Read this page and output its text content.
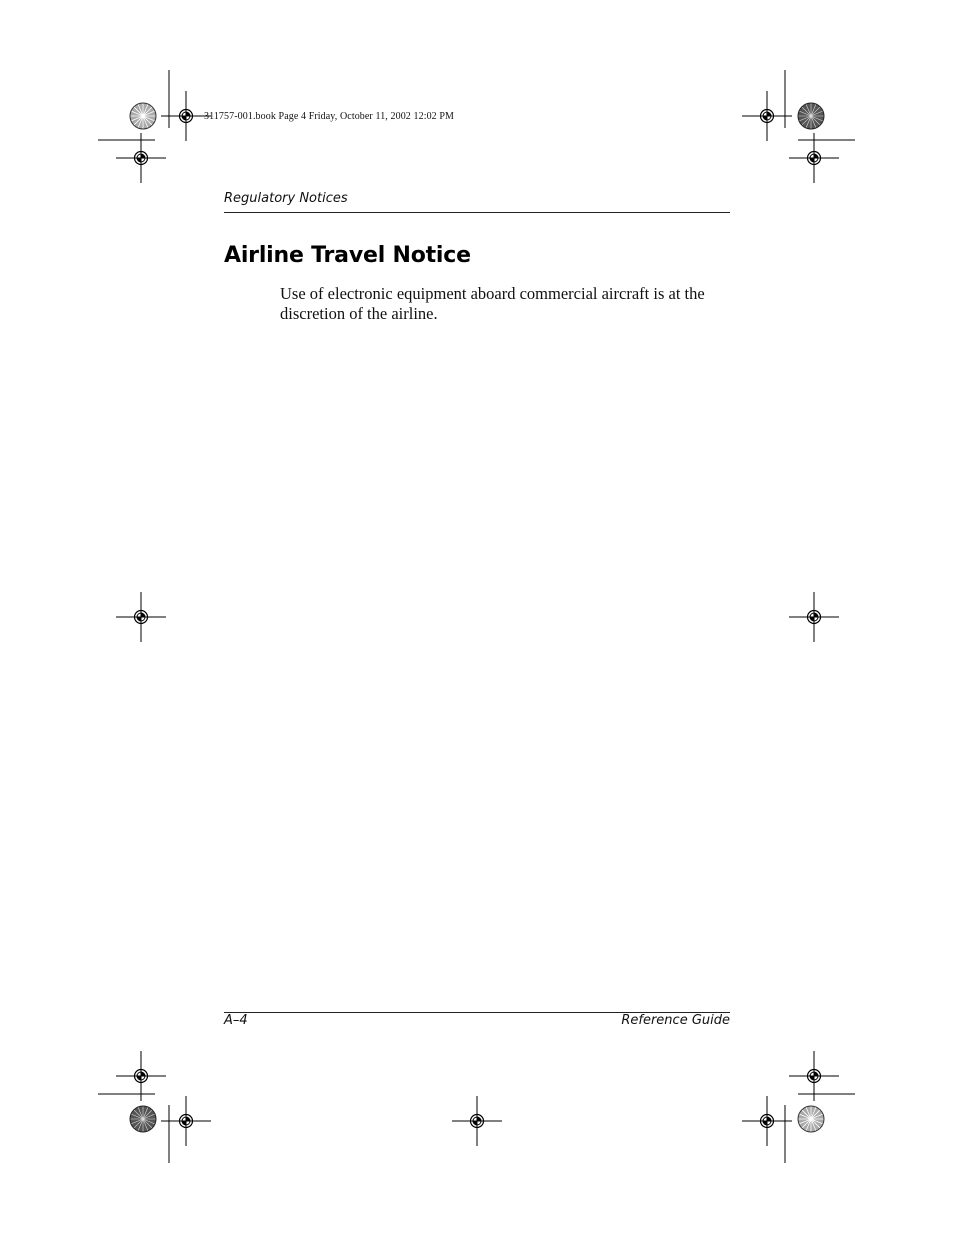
311757-001.book Page 4 Friday, October 11, 2002 12:02 PM
Regulatory Notices
Airline Travel Notice

Use of electronic equipment aboard commercial aircraft is at the discretion of the airline.

A–4	Reference Guide
